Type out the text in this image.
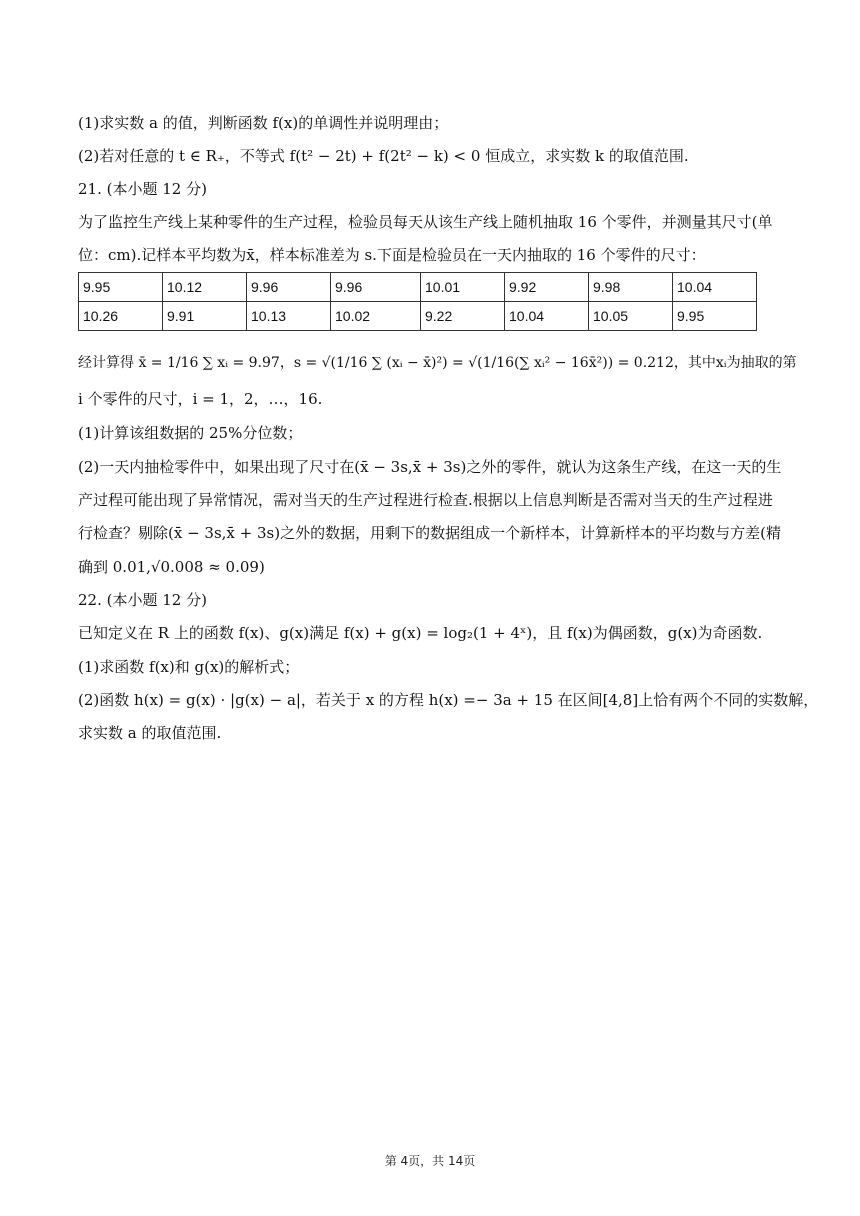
(1)求实数 a 的值，判断函数 f(x)的单调性并说明理由；
(2)若对任意的 t ∈ R₊，不等式 f(t² − 2t) + f(2t² − k) < 0 恒成立，求实数 k 的取值范围.
21. (本小题 12 分)
为了监控生产线上某种零件的生产过程，检验员每天从该生产线上随机抽取 16 个零件，并测量其尺寸(单
位：cm).记样本平均数为x̄，样本标准差为 s.下面是检验员在一天内抽取的 16 个零件的尺寸：
9.95	10.12	9.96	9.96	10.01	9.92	9.98	10.04
10.26	9.91	10.13	10.02	9.22	10.04	10.05	9.95
经计算得 x̄ = 1/16 ∑ xᵢ = 9.97，s = √(1/16 ∑ (xᵢ − x̄)²) = √(1/16(∑ xᵢ² − 16x̄²)) = 0.212，其中xᵢ为抽取的第
i 个零件的尺寸，i = 1，2，…，16.
(1)计算该组数据的 25%分位数；
(2)一天内抽检零件中，如果出现了尺寸在(x̄ − 3s,x̄ + 3s)之外的零件，就认为这条生产线，在这一天的生
产过程可能出现了异常情况，需对当天的生产过程进行检查.根据以上信息判断是否需对当天的生产过程进
行检查？剔除(x̄ − 3s,x̄ + 3s)之外的数据，用剩下的数据组成一个新样本，计算新样本的平均数与方差(精
确到 0.01,√0.008 ≈ 0.09)
22. (本小题 12 分)
已知定义在 R 上的函数 f(x)、g(x)满足 f(x) + g(x) = log₂(1 + 4ˣ)，且 f(x)为偶函数，g(x)为奇函数.
(1)求函数 f(x)和 g(x)的解析式；
(2)函数 h(x) = g(x) · |g(x) − a|，若关于 x 的方程 h(x) =− 3a + 15 在区间[4,8]上恰有两个不同的实数解，
求实数 a 的取值范围.
第 4页，共 14页
